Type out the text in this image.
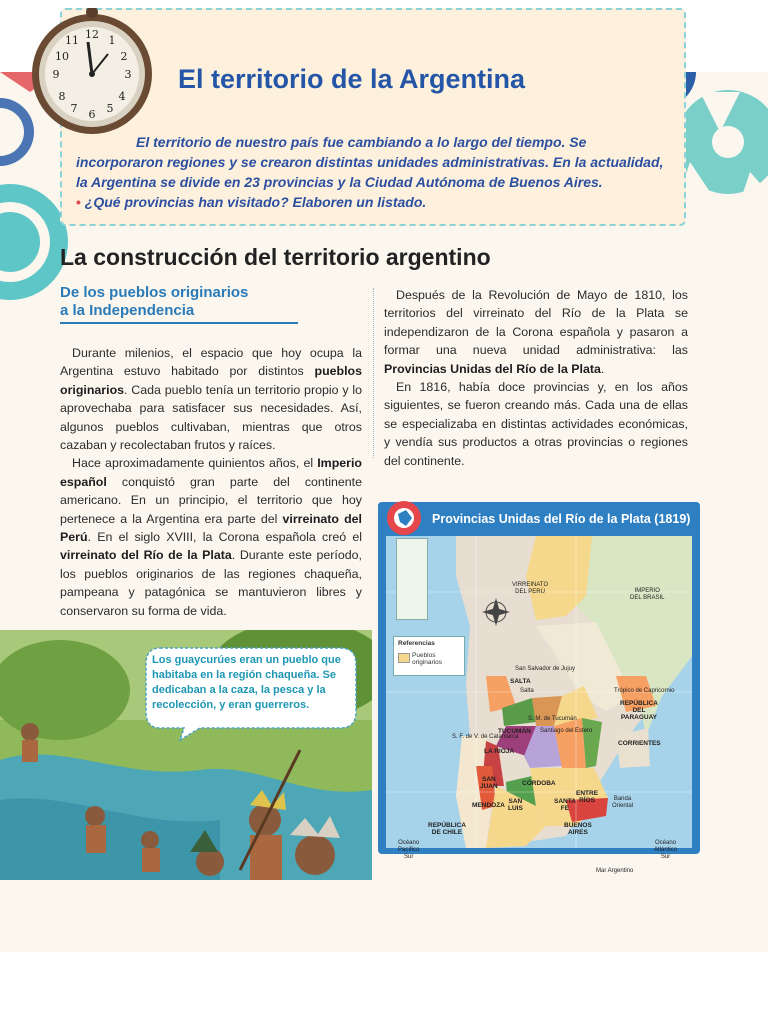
12
3
6
9
1
2
4
5
7
8
10
11
El territorio de la Argentina

El territorio de nuestro país fue cambiando a lo largo del tiempo. Se incorporaron regiones y se crearon distintas unidades administrativas. En la actualidad, la Argentina se divide en 23 provincias y la Ciudad Autónoma de Buenos Aires.

• ¿Qué provincias han visitado? Elaboren un listado.

La construcción del territorio argentino
De los pueblos originarios
a la Independencia

Durante milenios, el espacio que hoy ocupa la Argentina estuvo habitado por distintos pueblos originarios. Cada pueblo tenía un territorio propio y lo aprovechaba para satisfacer sus necesidades. Así, algunos pueblos cultivaban, mientras que otros cazaban y recolectaban frutos y raíces.

Hace aproximadamente quinientos años, el Imperio español conquistó gran parte del continente americano. En un principio, el territorio que hoy pertenece a la Argentina era parte del virreinato del Perú. En el siglo XVIII, la Corona española creó el virreinato del Río de la Plata. Durante este período, los pueblos originarios de las regiones chaqueña, pampeana y patagónica se mantuvieron libres y conservaron su forma de vida.

Después de la Revolución de Mayo de 1810, los territorios del virreinato del Río de la Plata se independizaron de la Corona española y pasaron a formar una nueva unidad administrativa: las Provincias Unidas del Río de la Plata.

En 1816, había doce provincias y, en los años siguientes, se fueron creando más. Cada una de ellas se especializaba en distintas actividades económicas, y vendía sus productos a otras provincias o regiones del continente.

Los guaycurúes eran un pueblo que habitaba en la región chaqueña. Se dedicaban a la caza, la pesca y la recolección, y eran guerreros.
Provincias Unidas del Río de la Plata (1819)
Referencias
Pueblos originarios
VIRREINATO
DEL PERÚ	IMPERIO
DEL BRASIL
San Salvador de Jujuy
SALTA
Salta	Trópico de Capricornio
S. M. de Tucumán
REPÚBLICA
DEL
PARAGUAY
TUCUMÁN Santiago del Estero
S. F. de V. de Catamarca
CORRIENTES
LA RIOJA
SAN
JUAN	CÓRDOBA
ENTRE
RÍOS
MENDOZA
SAN
LUIS
SANTA
FE
Banda
Oriental
REPÚBLICA
DE CHILE
BUENOS
AIRES
Océano
Pacífico
Sur
Océano
Atlántico
Sur
Mar Argentino
